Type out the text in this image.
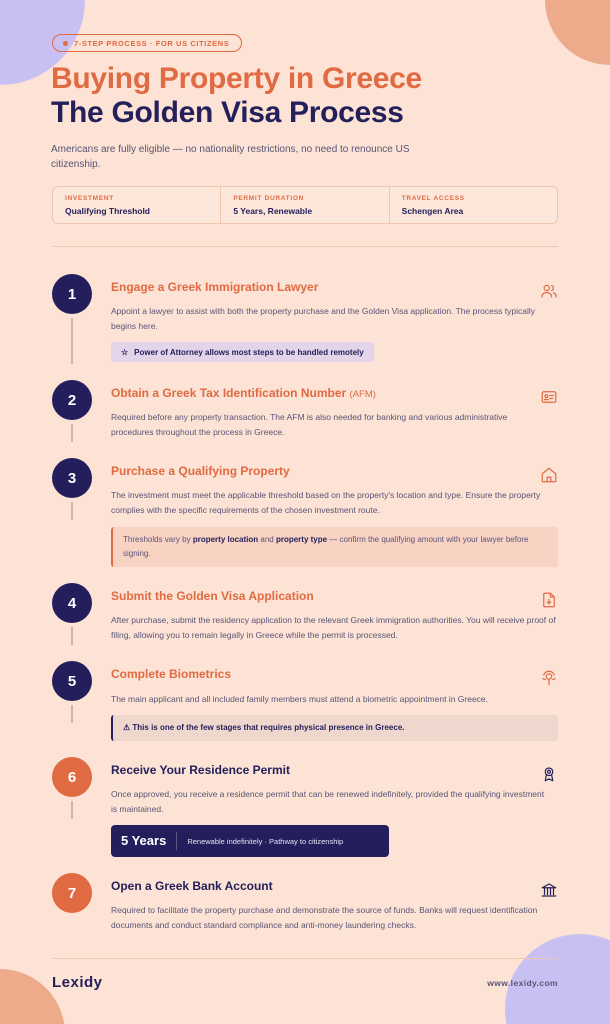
7-STEP PROCESS · FOR US CITIZENS
Buying Property in Greece
The Golden Visa Process
Americans are fully eligible — no nationality restrictions, no need to renounce US citizenship.
INVESTMENT
Qualifying Threshold
PERMIT DURATION
5 Years, Renewable
TRAVEL ACCESS
Schengen Area
1	Engage a Greek Immigration Lawyer
Appoint a lawyer to assist with both the property purchase and the Golden Visa application. The process typically begins here.
☆ Power of Attorney allows most steps to be handled remotely
2	Obtain a Greek Tax Identification Number (AFM)
Required before any property transaction. The AFM is also needed for banking and various administrative procedures throughout the process in Greece.
3	Purchase a Qualifying Property
The investment must meet the applicable threshold based on the property's location and type. Ensure the property complies with the specific requirements of the chosen investment route.
Thresholds vary by property location and property type — confirm the qualifying amount with your lawyer before signing.
4	Submit the Golden Visa Application
After purchase, submit the residency application to the relevant Greek immigration authorities. You will receive proof of filing, allowing you to remain legally in Greece while the permit is processed.
5	Complete Biometrics
The main applicant and all included family members must attend a biometric appointment in Greece.
⚠ This is one of the few stages that requires physical presence in Greece.
6	Receive Your Residence Permit
Once approved, you receive a residence permit that can be renewed indefinitely, provided the qualifying investment is maintained.
5 Years	Renewable indefinitely · Pathway to citizenship
7	Open a Greek Bank Account
Required to facilitate the property purchase and demonstrate the source of funds. Banks will request identification documents and conduct standard compliance and anti-money laundering checks.
Lexidy	www.lexidy.com
